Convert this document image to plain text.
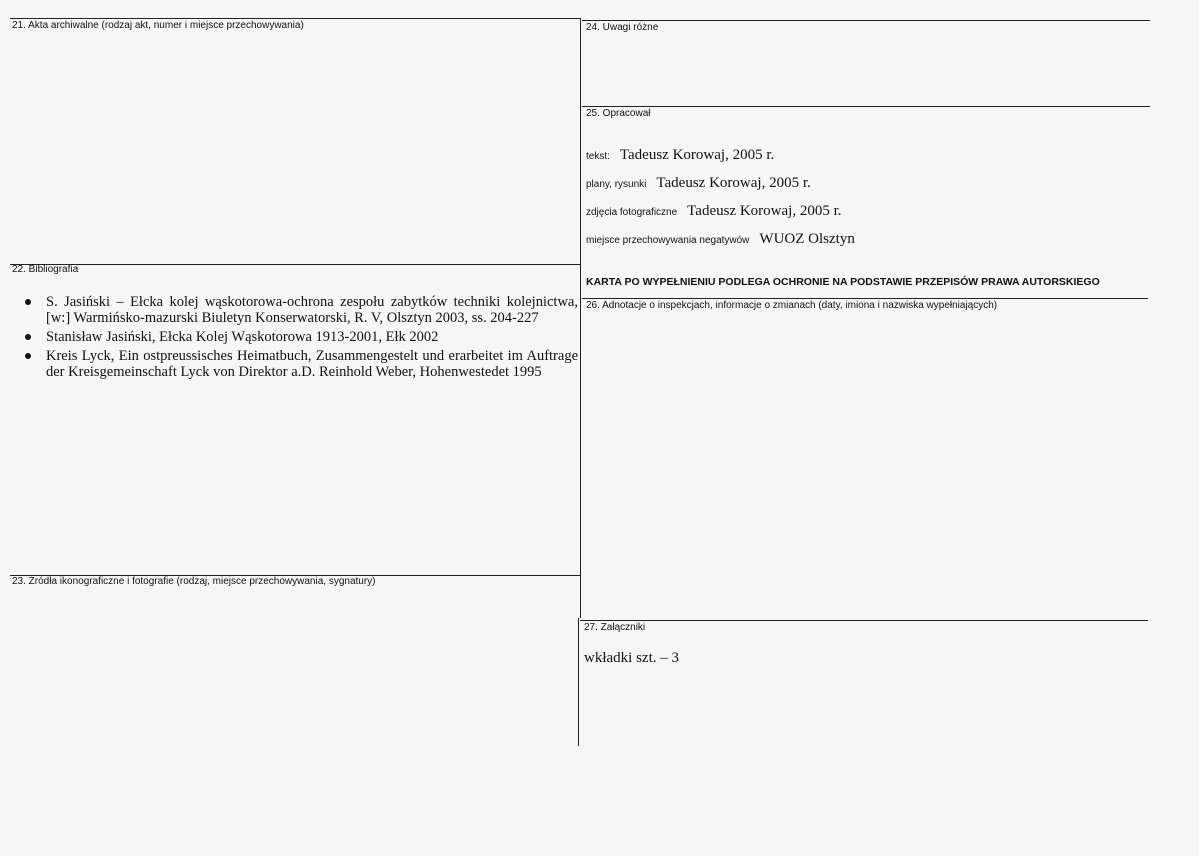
21. Akta archiwalne (rodzaj akt, numer i miejsce przechowywania)
22. Bibliografia
S. Jasiński – Ełcka kolej wąskotorowa-ochrona zespołu zabytków techniki kolejnictwa, [w:] Warmińsko-mazurski Biuletyn Konserwatorski, R. V, Olsztyn 2003, ss. 204-227
Stanisław Jasiński, Ełcka Kolej Wąskotorowa 1913-2001, Ełk 2002
Kreis Lyck, Ein ostpreussisches Heimatbuch, Zusammengestelt und erarbeitet im Auftrage der Kreisgemeinschaft Lyck von Direktor a.D. Reinhold Weber, Hohenwestedet 1995
23. Źródła ikonograficzne i fotografie (rodzaj, miejsce przechowywania, sygnatury)
24. Uwagi różne
25. Opracował
tekst: Tadeusz Korowaj, 2005 r.
plany, rysunki Tadeusz Korowaj, 2005 r.
zdjęcia fotograficzne Tadeusz Korowaj, 2005 r.
miejsce przechowywania negatywów WUOZ Olsztyn
KARTA PO WYPEŁNIENIU PODLEGA OCHRONIE NA PODSTAWIE PRZEPISÓW PRAWA AUTORSKIEGO
26. Adnotacje o inspekcjach, informacje o zmianach (daty, imiona i nazwiska wypełniających)
27. Załączniki
wkładki szt. – 3
